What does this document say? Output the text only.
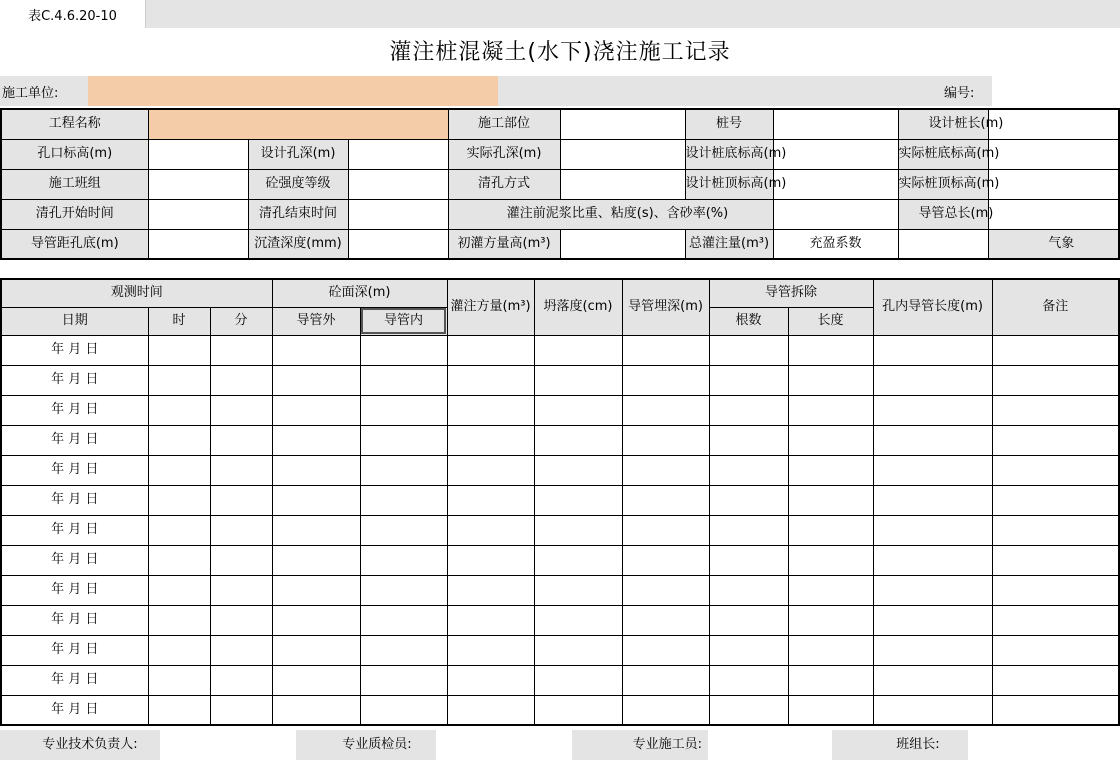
表C.4.6.20-10
灌注桩混凝土(水下)浇注施工记录
施工单位:	编号:
工程名称				施工部位		桩号		设计桩长(m)	
孔口标高(m)		设计孔深(m)		实际孔深(m)		设计桩底标高(m)		实际桩底标高(m)	
施工班组		砼强度等级		清孔方式		设计桩顶标高(m)		实际桩顶标高(m)	
清孔开始时间		清孔结束时间		灌注前泥浆比重、粘度(s)、含砂率(%)				导管总长(m)	
导管距孔底(m)		沉渣深度(mm)		初灌方量高(m³)		总灌注量(m³)	充盈系数		气象
观测时间			砼面深(m)		灌注方量(m³)	坍落度(cm)	导管埋深(m)	导管拆除		孔内导管长度(m)	备注
日期	时	分	导管外	导管内				根数	长度		
年 月 日											
年 月 日											
年 月 日											
年 月 日											
年 月 日											
年 月 日											
年 月 日											
年 月 日											
年 月 日											
年 月 日											
年 月 日											
年 月 日											
年 月 日											
专业技术负责人:		专业质检员:		专业施工员:		班组长:	
